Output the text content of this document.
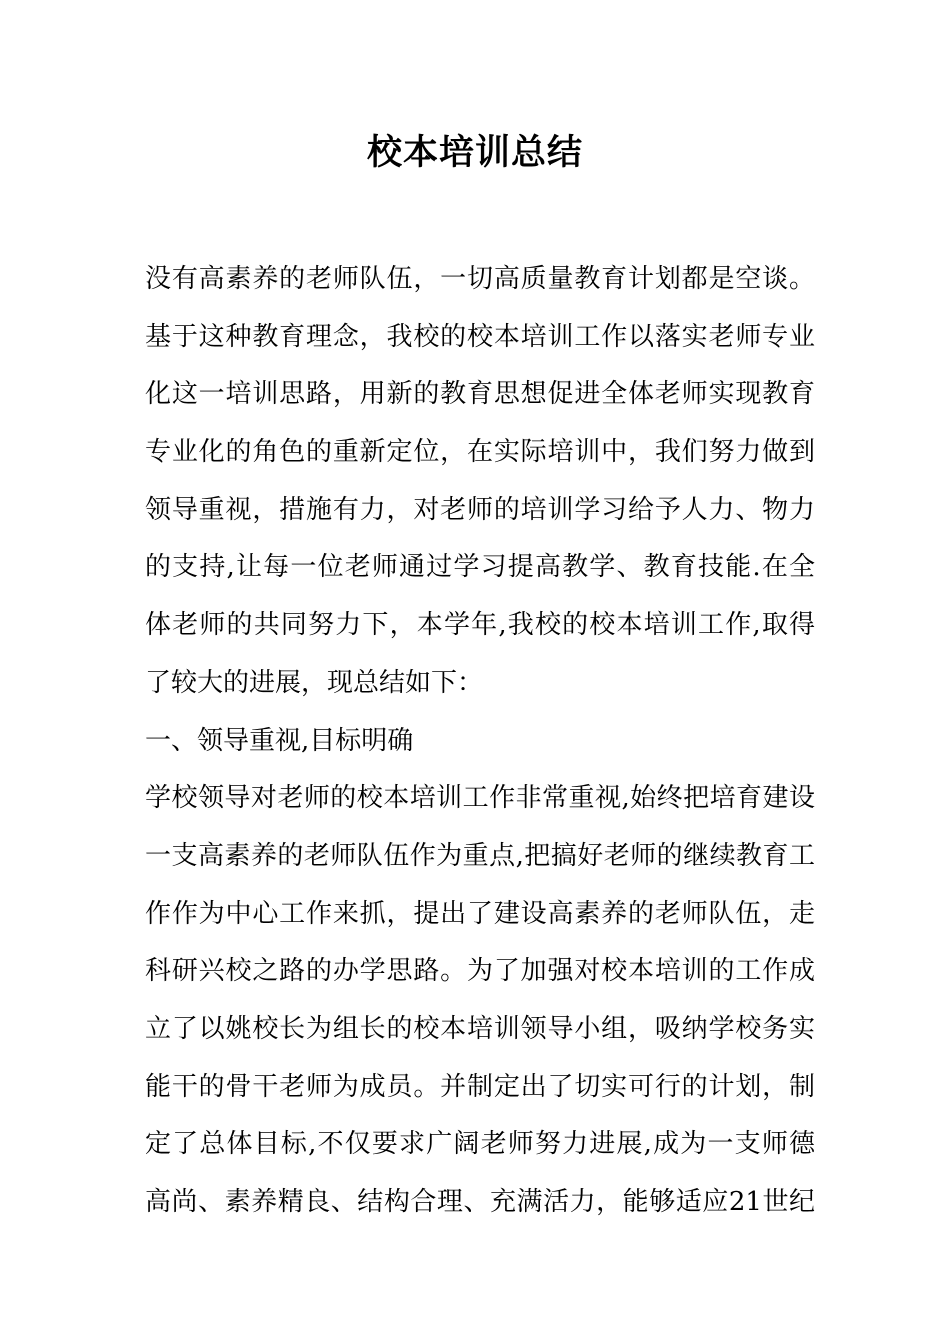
校本培训总结
没有高素养的老师队伍，一切高质量教育计划都是空谈。
基于这种教育理念，我校的校本培训工作以落实老师专业
化这一培训思路，用新的教育思想促进全体老师实现教育
专业化的角色的重新定位，在实际培训中，我们努力做到
领导重视，措施有力，对老师的培训学习给予人力、物力
的支持,让每一位老师通过学习提高教学、教育技能.在全
体老师的共同努力下，本学年,我校的校本培训工作,取得
了较大的进展，现总结如下：
一、领导重视,目标明确
学校领导对老师的校本培训工作非常重视,始终把培育建设
一支高素养的老师队伍作为重点,把搞好老师的继续教育工
作作为中心工作来抓，提出了建设高素养的老师队伍，走
科研兴校之路的办学思路。为了加强对校本培训的工作成
立了以姚校长为组长的校本培训领导小组，吸纳学校务实
能干的骨干老师为成员。并制定出了切实可行的计划，制
定了总体目标,不仅要求广阔老师努力进展,成为一支师德
高尚、素养精良、结构合理、充满活力，能够适应21世纪
